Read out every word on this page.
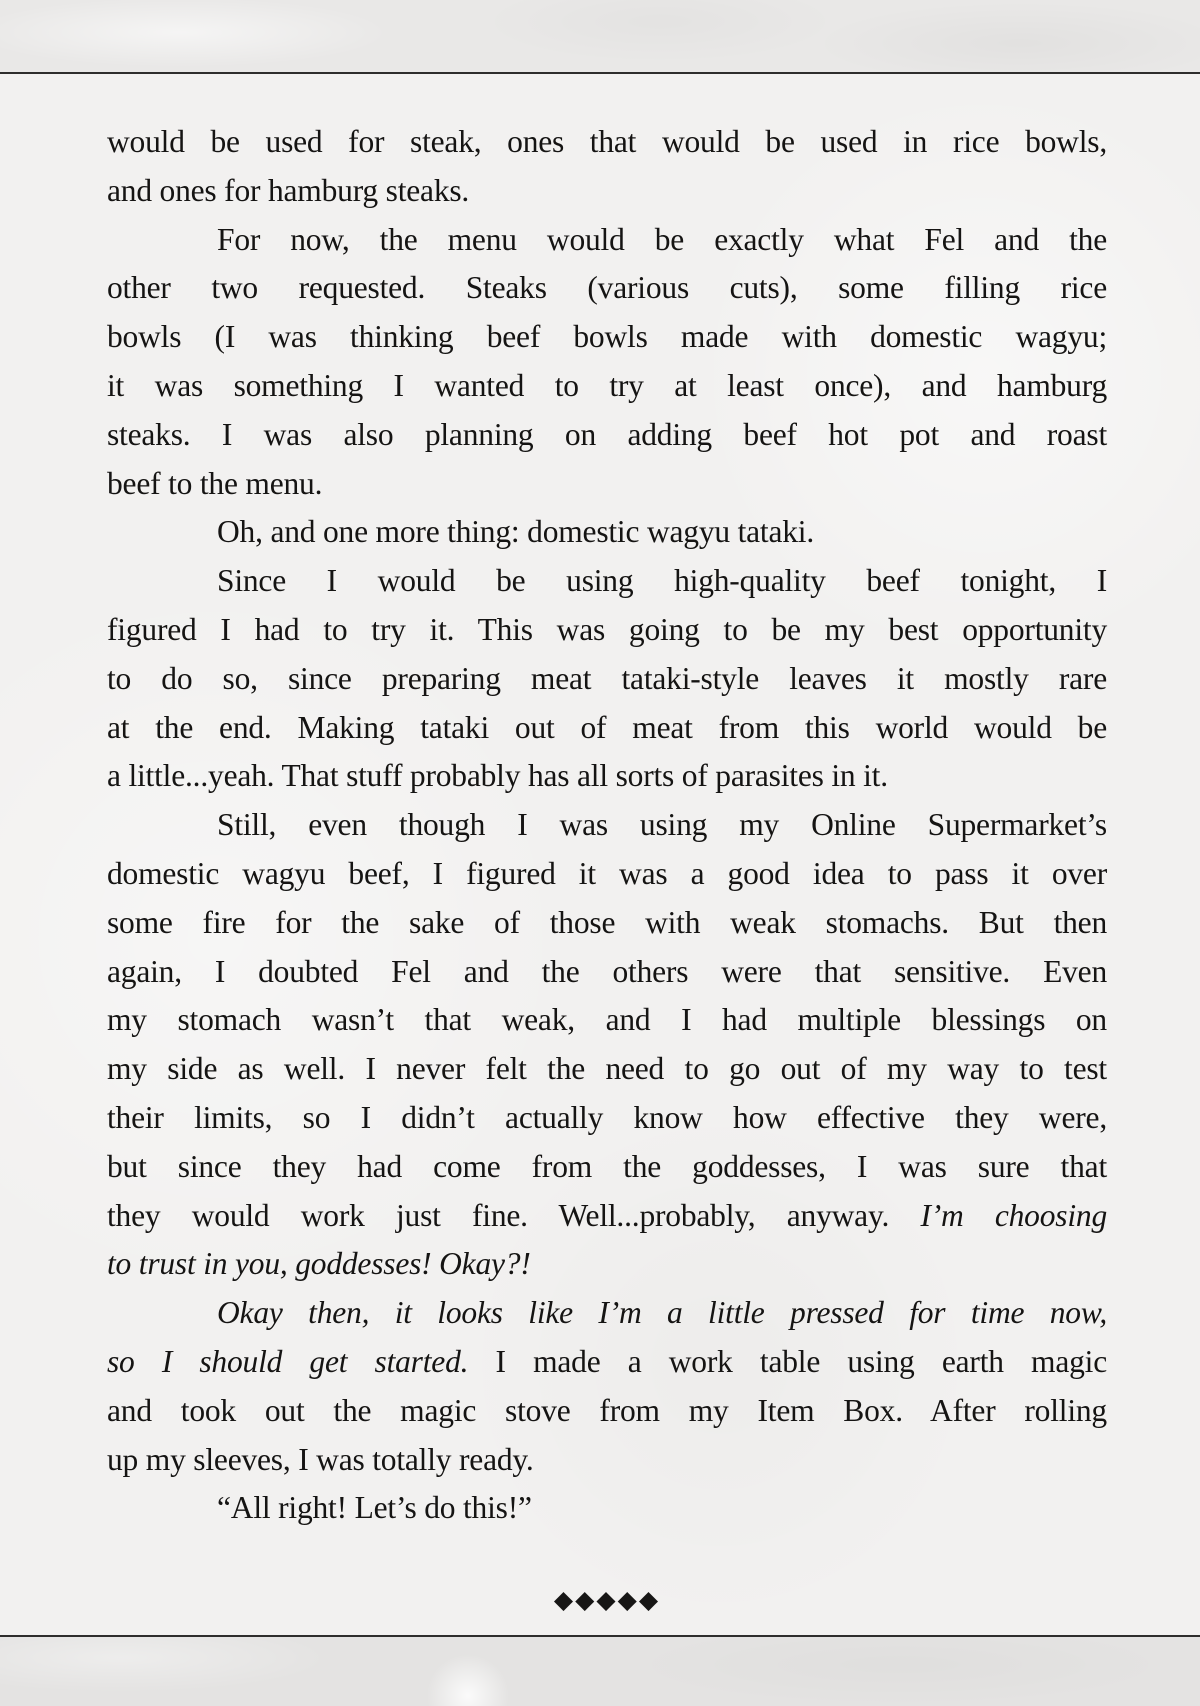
would be used for steak, ones that would be used in rice bowls,
and ones for hamburg steaks.
For now, the menu would be exactly what Fel and the
other two requested. Steaks (various cuts), some filling rice
bowls (I was thinking beef bowls made with domestic wagyu;
it was something I wanted to try at least once), and hamburg
steaks. I was also planning on adding beef hot pot and roast
beef to the menu.
Oh, and one more thing: domestic wagyu tataki.
Since I would be using high-quality beef tonight, I
figured I had to try it. This was going to be my best opportunity
to do so, since preparing meat tataki-style leaves it mostly rare
at the end. Making tataki out of meat from this world would be
a little...yeah. That stuff probably has all sorts of parasites in it.
Still, even though I was using my Online Supermarket’s
domestic wagyu beef, I figured it was a good idea to pass it over
some fire for the sake of those with weak stomachs. But then
again, I doubted Fel and the others were that sensitive. Even
my stomach wasn’t that weak, and I had multiple blessings on
my side as well. I never felt the need to go out of my way to test
their limits, so I didn’t actually know how effective they were,
but since they had come from the goddesses, I was sure that
they would work just fine. Well...probably, anyway. I’m choosing
to trust in you, goddesses! Okay?!
Okay then, it looks like I’m a little pressed for time now,
so I should get started. I made a work table using earth magic
and took out the magic stove from my Item Box. After rolling
up my sleeves, I was totally ready.
“All right! Let’s do this!”
◆◆◆◆◆
